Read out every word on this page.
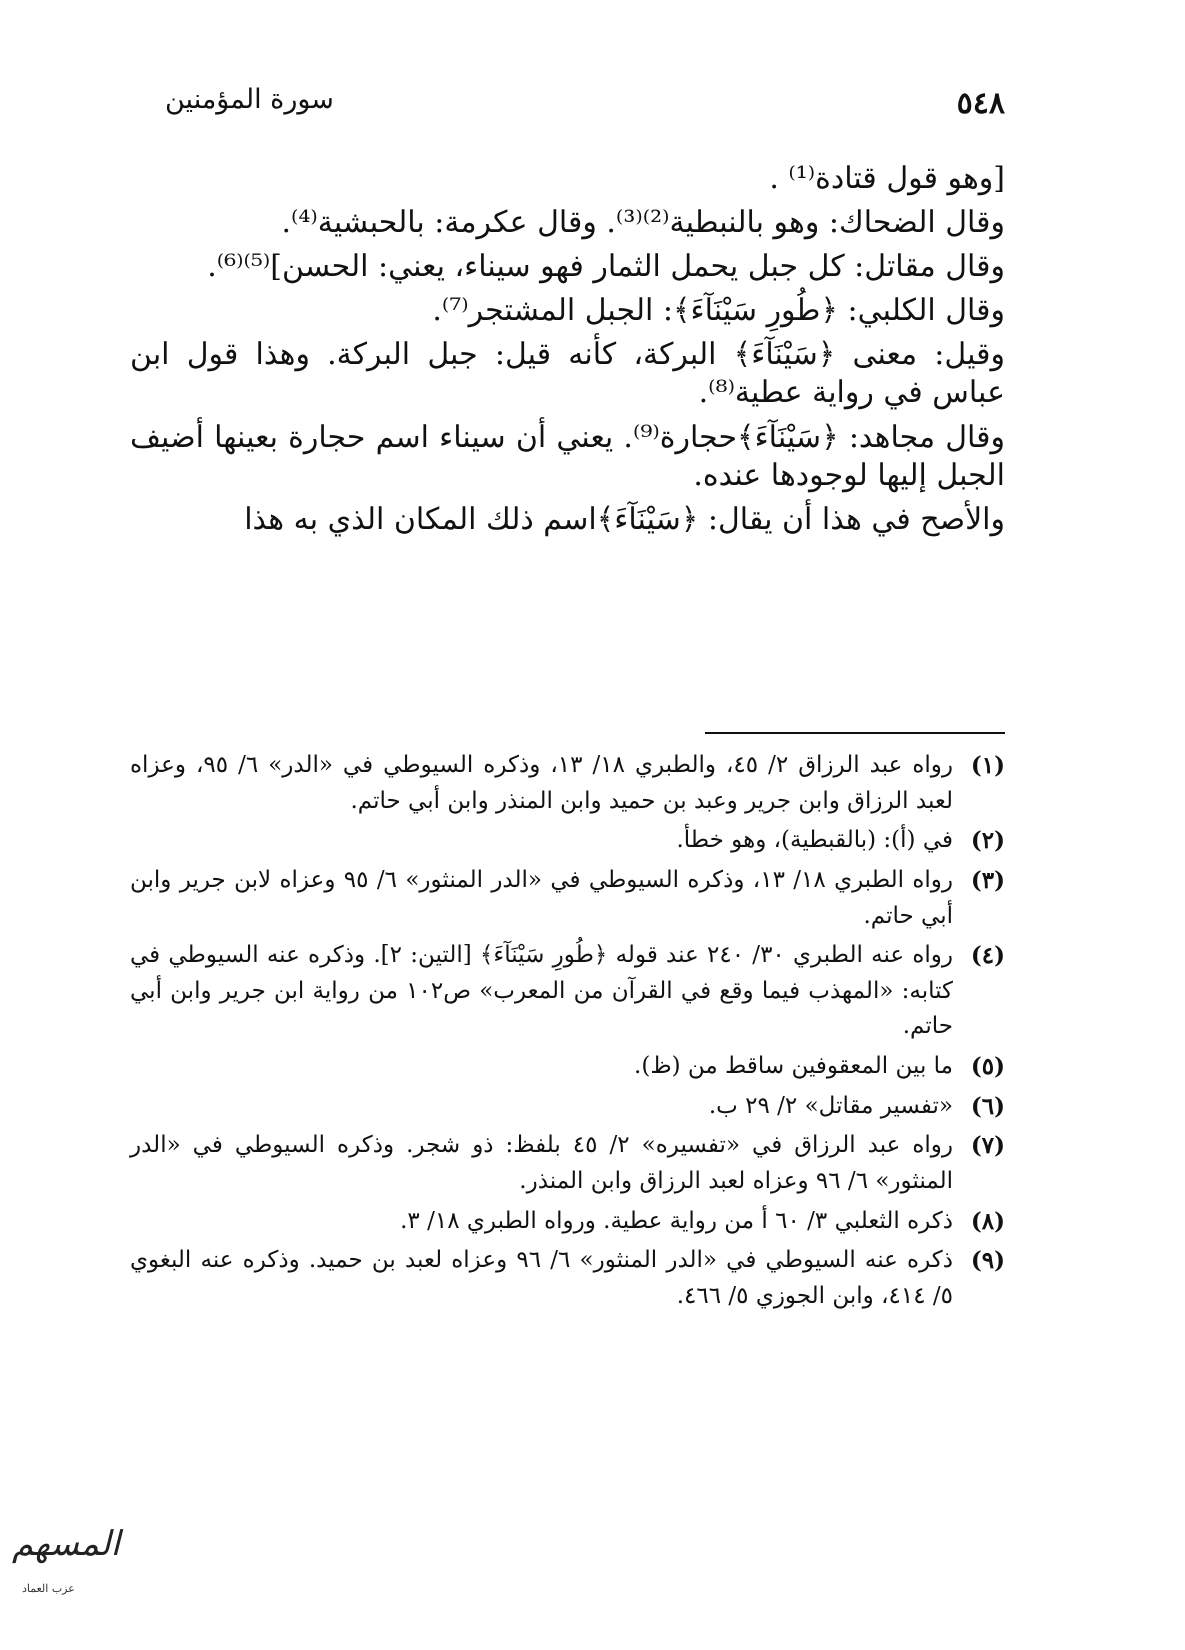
٥٤٨
سورة المؤمنين

[وهو قول قتادة⁽¹⁾ .

وقال الضحاك: وهو بالنبطية⁽²⁾⁽³⁾. وقال عكرمة: بالحبشية⁽⁴⁾.

وقال مقاتل: كل جبل يحمل الثمار فهو سيناء، يعني: الحسن]⁽⁵⁾⁽⁶⁾.

وقال الكلبي: ﴿طُورِ سَيْنَآءَ﴾: الجبل المشتجر⁽⁷⁾.

وقيل: معنى ﴿سَيْنَآءَ﴾ البركة، كأنه قيل: جبل البركة. وهذا قول ابن عباس في رواية عطية⁽⁸⁾.

وقال مجاهد: ﴿سَيْنَآءَ﴾حجارة⁽⁹⁾. يعني أن سيناء اسم حجارة بعينها أضيف الجبل إليها لوجودها عنده.

والأصح في هذا أن يقال: ﴿سَيْنَآءَ﴾اسم ذلك المكان الذي به هذا

(١)
رواه عبد الرزاق ٢/ ٤٥، والطبري ١٨/ ١٣، وذكره السيوطي في «الدر» ٦/ ٩٥، وعزاه لعبد الرزاق وابن جرير وعبد بن حميد وابن المنذر وابن أبي حاتم.
(٢)
في (أ): (بالقبطية)، وهو خطأ.
(٣)
رواه الطبري ١٨/ ١٣، وذكره السيوطي في «الدر المنثور» ٦/ ٩٥ وعزاه لابن جرير وابن أبي حاتم.
(٤)
رواه عنه الطبري ٣٠/ ٢٤٠ عند قوله ﴿طُورِ سَيْنَآءَ﴾ [التين: ٢]. وذكره عنه السيوطي في كتابه: «المهذب فيما وقع في القرآن من المعرب» ص١٠٢ من رواية ابن جرير وابن أبي حاتم.
(٥)
ما بين المعقوفين ساقط من (ظ).
(٦)
«تفسير مقاتل» ٢/ ٢٩ ب.
(٧)
رواه عبد الرزاق في «تفسيره» ٢/ ٤٥ بلفظ: ذو شجر. وذكره السيوطي في «الدر المنثور» ٦/ ٩٦ وعزاه لعبد الرزاق وابن المنذر.
(٨)
ذكره الثعلبي ٣/ ٦٠ أ من رواية عطية. ورواه الطبري ١٨/ ٣.
(٩)
ذكره عنه السيوطي في «الدر المنثور» ٦/ ٩٦ وعزاه لعبد بن حميد. وذكره عنه البغوي ٥/ ٤١٤، وابن الجوزي ٥/ ٤٦٦.
المسهم
عزب العماد
